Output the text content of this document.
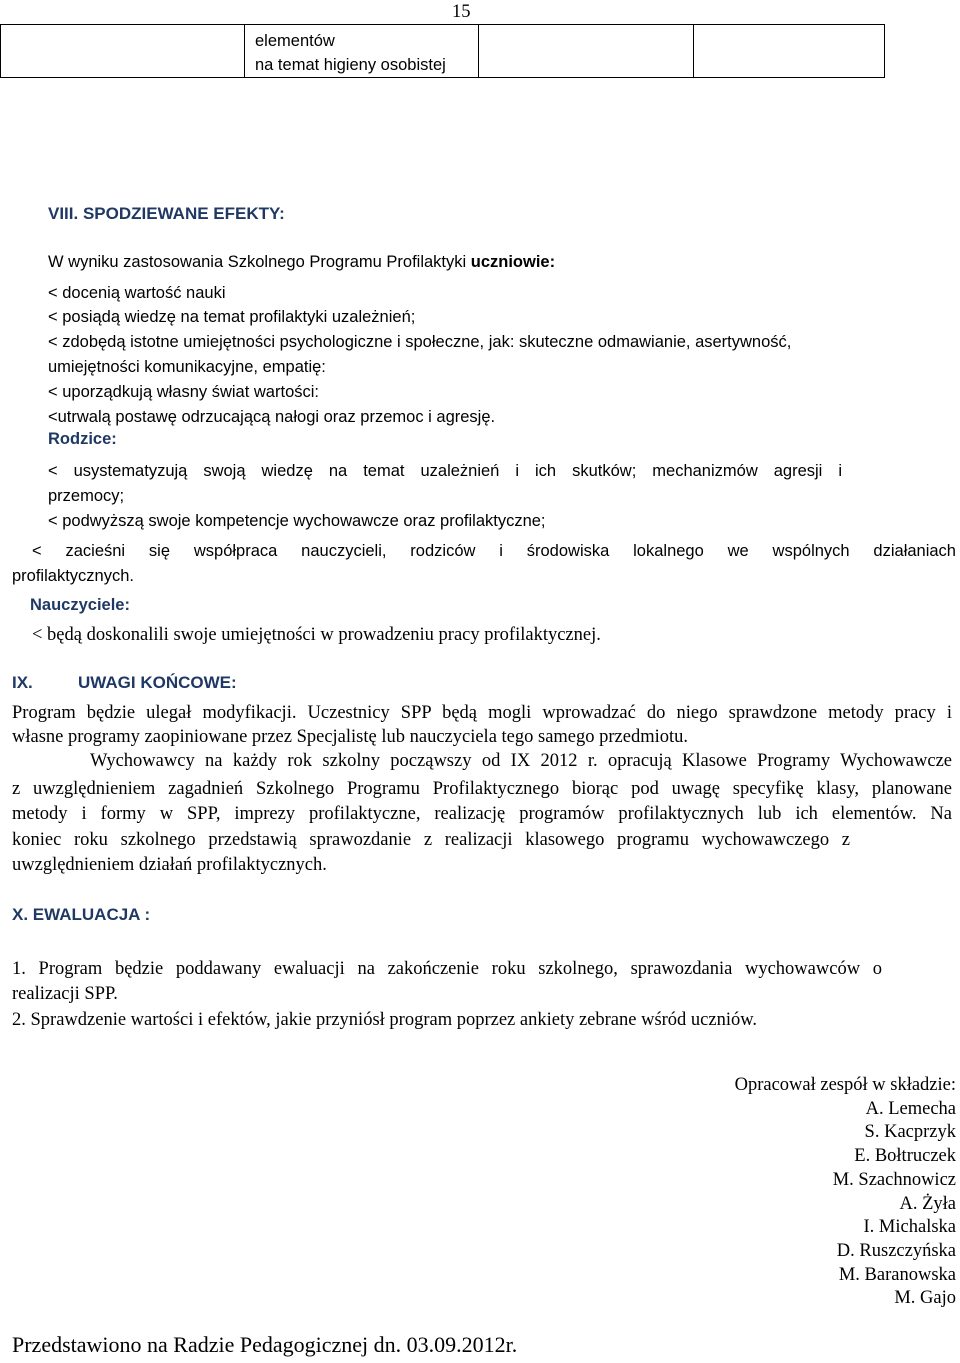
15

elementów
na temat higieny osobistej

VIII. SPODZIEWANE EFEKTY:
W wyniku zastosowania Szkolnego Programu Profilaktyki uczniowie:
< docenią wartość nauki
< posiądą wiedzę na temat profilaktyki uzależnień;
< zdobędą istotne umiejętności psychologiczne i społeczne, jak: skuteczne odmawianie, asertywność,
umiejętności komunikacyjne, empatię:
< uporządkują własny świat wartości:
<utrwalą postawę odrzucającą nałogi oraz przemoc i agresję.
Rodzice:
< usystematyzują swoją wiedzę na temat uzależnień i ich skutków; mechanizmów agresji i
przemocy;
< podwyższą swoje kompetencje wychowawcze oraz profilaktyczne;
< zacieśni się współpraca nauczycieli, rodziców i środowiska lokalnego we wspólnych działaniach
profilaktycznych.
Nauczyciele:
< będą doskonalili swoje umiejętności w prowadzeniu pracy profilaktycznej.
IX.	UWAGI KOŃCOWE:
Program będzie ulegał modyfikacji. Uczestnicy SPP będą mogli wprowadzać do niego sprawdzone metody pracy i
własne programy zaopiniowane przez Specjalistę lub nauczyciela tego samego przedmiotu.
Wychowawcy na każdy rok szkolny począwszy od IX 2012 r. opracują Klasowe Programy Wychowawcze
z uwzględnieniem zagadnień Szkolnego Programu Profilaktycznego biorąc pod uwagę specyfikę klasy, planowane
metody i formy w SPP, imprezy profilaktyczne, realizację programów profilaktycznych lub ich elementów. Na
koniec roku szkolnego przedstawią sprawozdanie z realizacji klasowego programu wychowawczego z
uwzględnieniem działań profilaktycznych.
X. EWALUACJA :
1. Program będzie poddawany ewaluacji na zakończenie roku szkolnego, sprawozdania wychowawców o
realizacji SPP.
2. Sprawdzenie wartości i efektów, jakie przyniósł program poprzez ankiety zebrane wśród uczniów.
Opracował zespół w składzie:
A. Lemecha
S. Kacprzyk
E. Bołtruczek
M. Szachnowicz
A. Żyła
I. Michalska
D. Ruszczyńska
M. Baranowska
M. Gajo
Przedstawiono na Radzie Pedagogicznej dn. 03.09.2012r.
